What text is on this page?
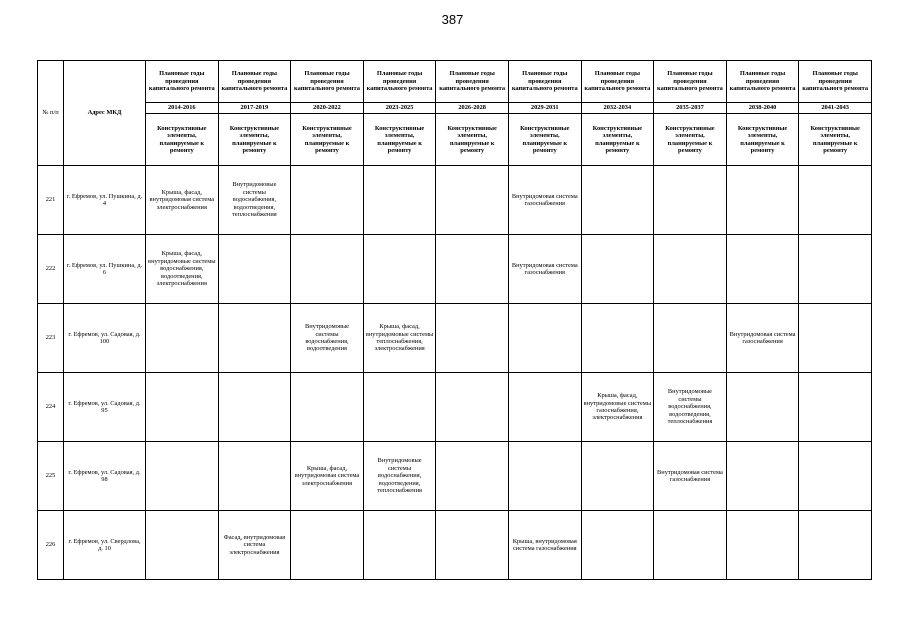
387
№ п/п	Адрес МКД	Плановые годы проведения капитального ремонта	Плановые годы проведения капитального ремонта	Плановые годы проведения капитального ремонта	Плановые годы проведения капитального ремонта	Плановые годы проведения капитального ремонта	Плановые годы проведения капитального ремонта	Плановые годы проведения капитального ремонта	Плановые годы проведения капитального ремонта	Плановые годы проведения капитального ремонта	Плановые годы проведения капитального ремонта
		2014-2016	2017-2019	2020-2022	2023-2025	2026-2028	2029-2031	2032-2034	2035-2037	2038-2040	2041-2043
		Конструктивные элементы, планируемые к ремонту	Конструктивные элементы, планируемые к ремонту	Конструктивные элементы, планируемые к ремонту	Конструктивные элементы, планируемые к ремонту	Конструктивные элементы, планируемые к ремонту	Конструктивные элементы, планируемые к ремонту	Конструктивные элементы, планируемые к ремонту	Конструктивные элементы, планируемые к ремонту	Конструктивные элементы, планируемые к ремонту	Конструктивные элементы, планируемые к ремонту
221	г. Ефремов, ул. Пушкина, д. 4	Крыша, фасад, внутридомовая система электроснабжения	Внутридомовые системы водоснабжения, водоотведения, теплоснабжения				Внутридомовая система газоснабжения				
222	г. Ефремов, ул. Пушкина, д. 6	Крыша, фасад, внутридомовые системы водоснабжения, водоотведения, электроснабжения					Внутридомовая система газоснабжения				
223	г. Ефремов, ул. Садовая, д. 100			Внутридомовые системы водоснабжения, водоотведения	Крыша, фасад, внутридомовые системы теплоснабжения, электроснабжения					Внутридомовая система газоснабжения	
224	г. Ефремов, ул. Садовая, д. 95							Крыша, фасад, внутридомовые системы газоснабжения, электроснабжения	Внутридомовые системы водоснабжения, водоотведения, теплоснабжения		
225	г. Ефремов, ул. Садовая, д. 98			Крыша, фасад, внутридомовая система электроснабжения	Внутридомовые системы водоснабжения, водоотведения, теплоснабжения				Внутридомовая система газоснабжения		
226	г. Ефремов, ул. Свердлова, д. 10		Фасад, внутридомовая система электроснабжения				Крыша, внутридомовая система газоснабжения				
